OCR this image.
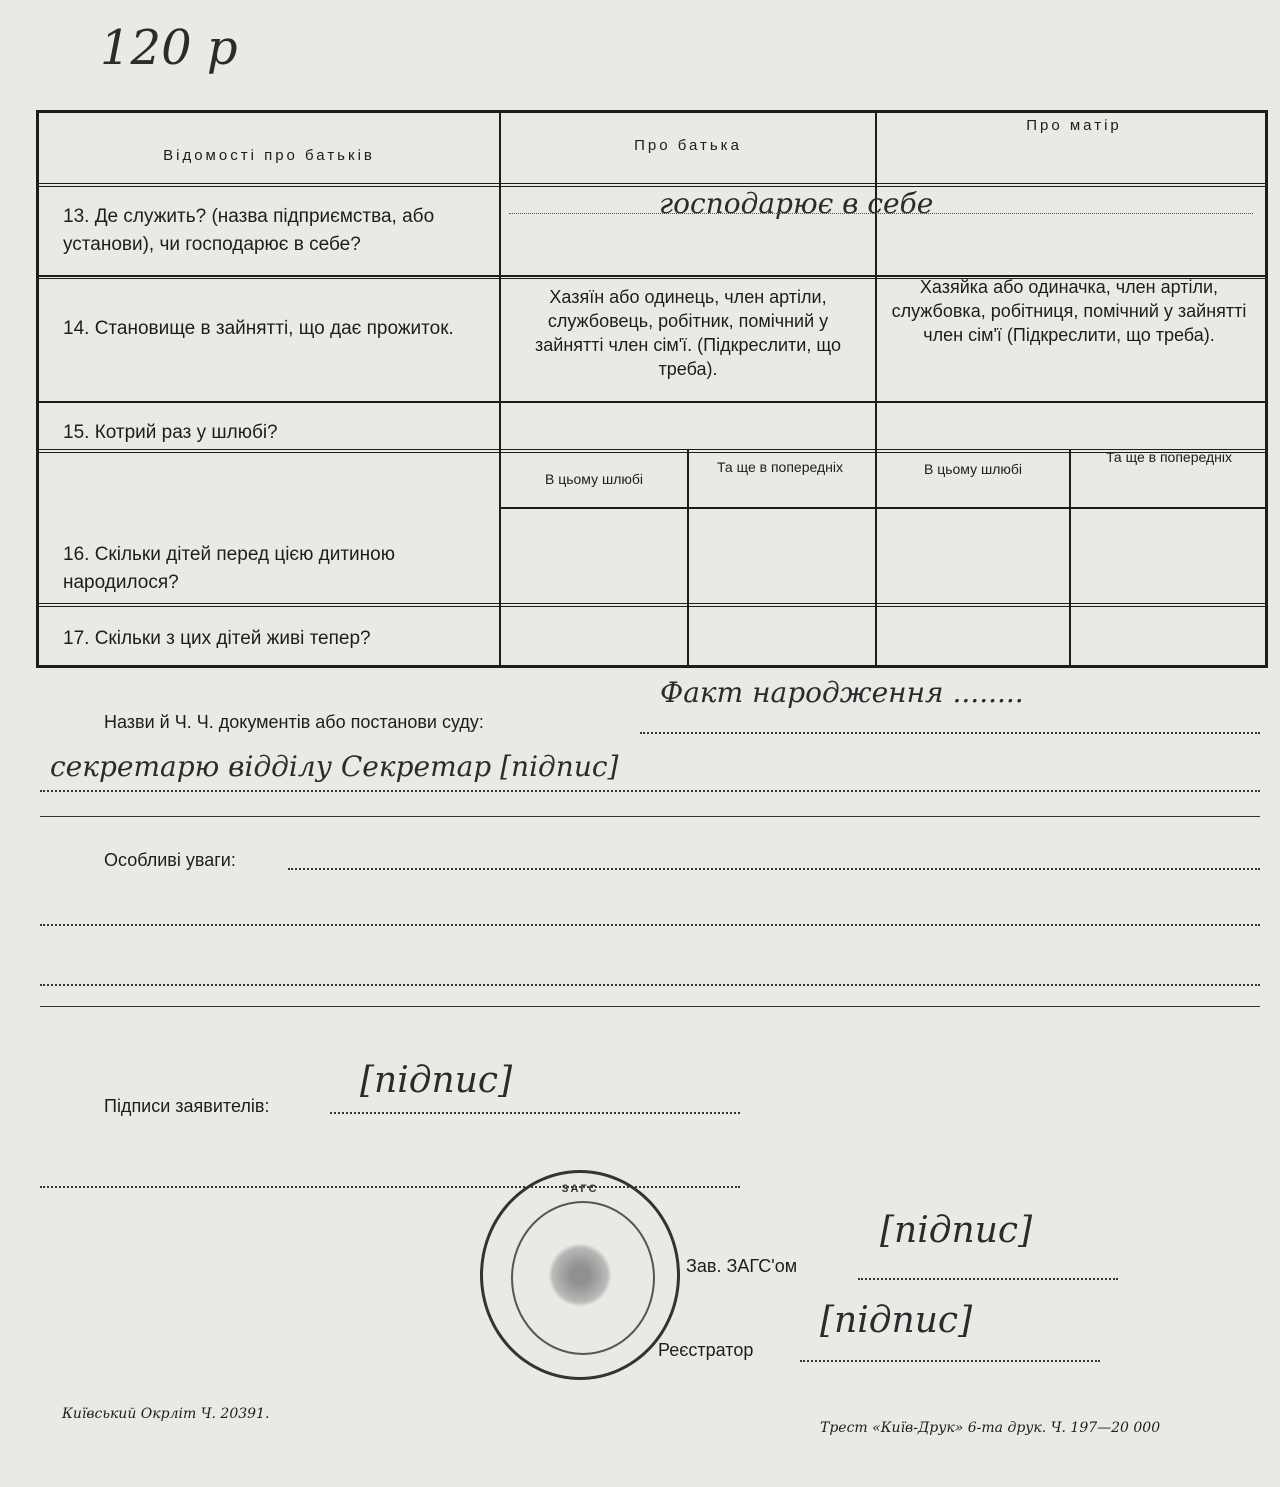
120 р
Відомості про батьків
Про батька
Про матір
13. Де служить? (назва підприємства, або установи), чи господарює в себе?
господарює в себе
14. Становище в зайнятті, що дає прожиток.
Хазяїн або одинець, член артіли, службовець, робітник, помічний у зайнятті член сім'ї. (Підкреслити, що треба).
Хазяйка або одиначка, член артіли, службовка, робітниця, помічний у зайнятті член сім'ї (Підкреслити, що треба).
15. Котрий раз у шлюбі?
В цьому шлюбі
Та ще в попередніх	В цьому шлюбі
Та ще в попередніх
16. Скільки дітей перед цією дитиною народилося?
17. Скільки з цих дітей живі тепер?
Назви й Ч. Ч. документів або постанови суду:
Факт народження ........
секретарю відділу Секретар [підпис]
Особливі уваги:
Підписи заявителів:
[підпис]
ЗАГС
Зав. ЗАГС'ом
[підпис]
Реєстратор
[підпис]
Київський Окрліт Ч. 20391.
Трест «Київ-Друк» 6-та друк. Ч. 197—20 000
